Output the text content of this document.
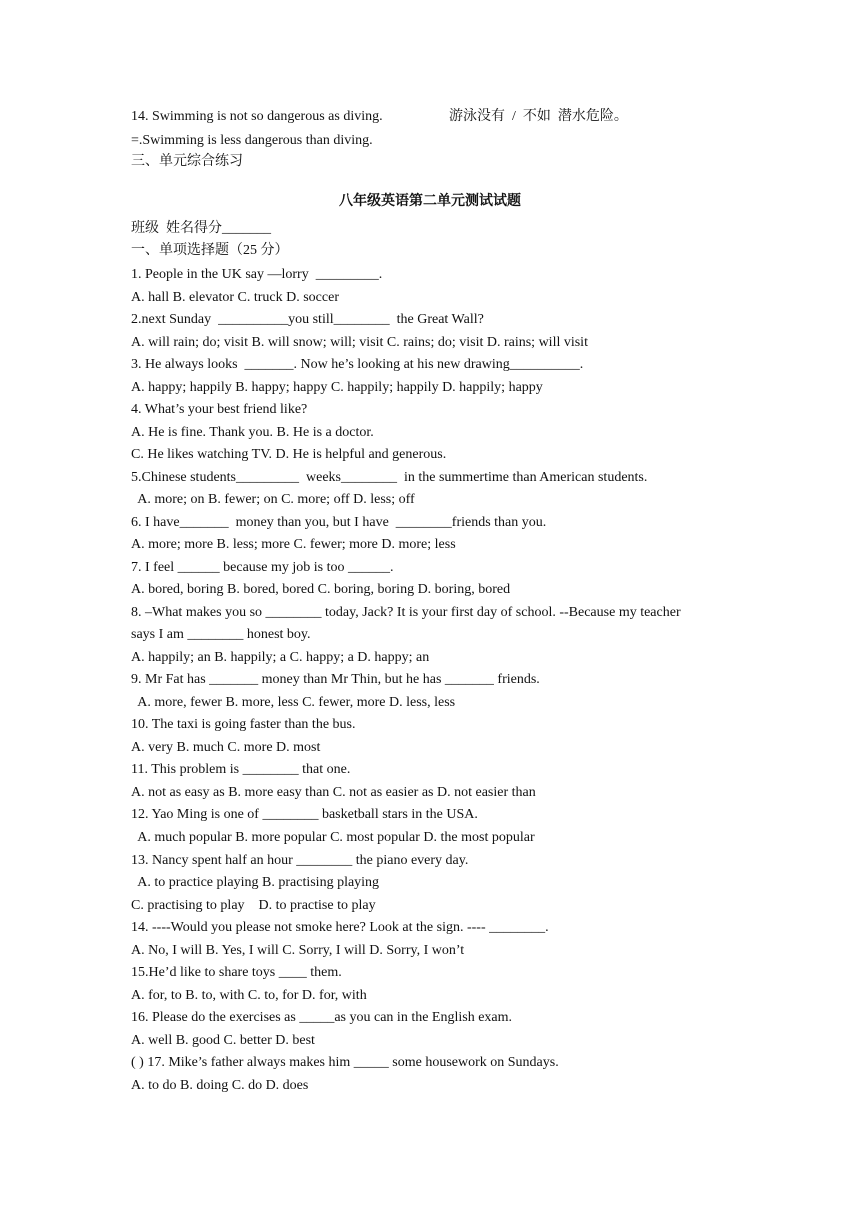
14. Swimming is not so dangerous as diving.	游泳没有  /  不如  潜水危险。
=.Swimming is less dangerous than diving.
三、单元综合练习
八年级英语第二单元测试试题
班级  姓名得分_______
一、单项选择题（25 分）
1. People in the UK say ―lorry  _________.
A. hall B. elevator C. truck D. soccer
2.next Sunday  __________you still________  the Great Wall?
A. will rain; do; visit B. will snow; will; visit C. rains; do; visit D. rains; will visit
3. He always looks  _______. Now he’s looking at his new drawing__________.
A. happy; happily B. happy; happy C. happily; happily D. happily; happy
4. What’s your best friend like?
A. He is fine. Thank you. B. He is a doctor.
C. He likes watching TV. D. He is helpful and generous.
5.Chinese students_________  weeks________  in the summertime than American students.
A. more; on B. fewer; on C. more; off D. less; off
6. I have_______  money than you, but I have  ________friends than you.
A. more; more B. less; more C. fewer; more D. more; less
7. I feel ______ because my job is too ______.
A. bored, boring B. bored, bored C. boring, boring D. boring, bored
8. –What makes you so ________ today, Jack? It is your first day of school. --Because my teacher
says I am ________ honest boy.
A. happily; an B. happily; a C. happy; a D. happy; an
9. Mr Fat has _______ money than Mr Thin, but he has _______ friends.
A. more, fewer B. more, less C. fewer, more D. less, less
10. The taxi is going faster than the bus.
A. very B. much C. more D. most
11. This problem is ________ that one.
A. not as easy as B. more easy than C. not as easier as D. not easier than
12. Yao Ming is one of ________ basketball stars in the USA.
A. much popular B. more popular C. most popular D. the most popular
13. Nancy spent half an hour ________ the piano every day.
A. to practice playing B. practising playing
C. practising to play    D. to practise to play
14. ----Would you please not smoke here? Look at the sign. ---- ________.
A. No, I will B. Yes, I will C. Sorry, I will D. Sorry, I won’t
15.He’d like to share toys ____ them.
A. for, to B. to, with C. to, for D. for, with
16. Please do the exercises as _____as you can in the English exam.
A. well B. good C. better D. best
( ) 17. Mike’s father always makes him _____ some housework on Sundays.
A. to do B. doing C. do D. does
